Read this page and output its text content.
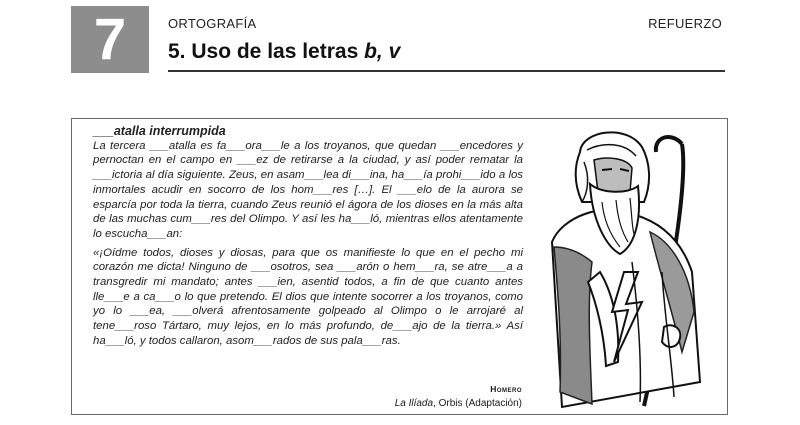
7	ORTOGRAFÍA	REFUERZO
5. Uso de las letras b, v

___atalla interrumpida

La tercera ___atalla es fa___ora___le a los troyanos, que quedan ___encedores y pernoctan en el campo en ___ez de retirarse a la ciudad, y así poder rematar la ___ictoria al día siguiente. Zeus, en asam___lea di___ina, ha___ía prohi___ido a los inmortales acudir en socorro de los hom___res […]. El ___elo de la aurora se esparcía por toda la tierra, cuando Zeus reunió el ágora de los dioses en la más alta de las muchas cum___res del Olimpo. Y así les ha___ló, mientras ellos atentamente lo escucha___an:

«¡Oídme todos, dioses y diosas, para que os manifieste lo que en el pecho mi corazón me dicta! Ninguno de ___osotros, sea ___arón o hem___ra, se atre___a a transgredir mi mandato; antes ___ien, asentid todos, a fin de que cuanto antes lle___e a ca___o lo que pretendo. El dios que intente socorrer a los troyanos, como yo lo ___ea, ___olverá afrentosamente golpeado al Olimpo o le arrojaré al tene___roso Tártaro, muy lejos, en lo más profundo, de___ajo de la tierra.» Así ha___ló, y todos callaron, asom___rados de sus pala___ras.

Homero
La Ilíada, Orbis (Adaptación)
